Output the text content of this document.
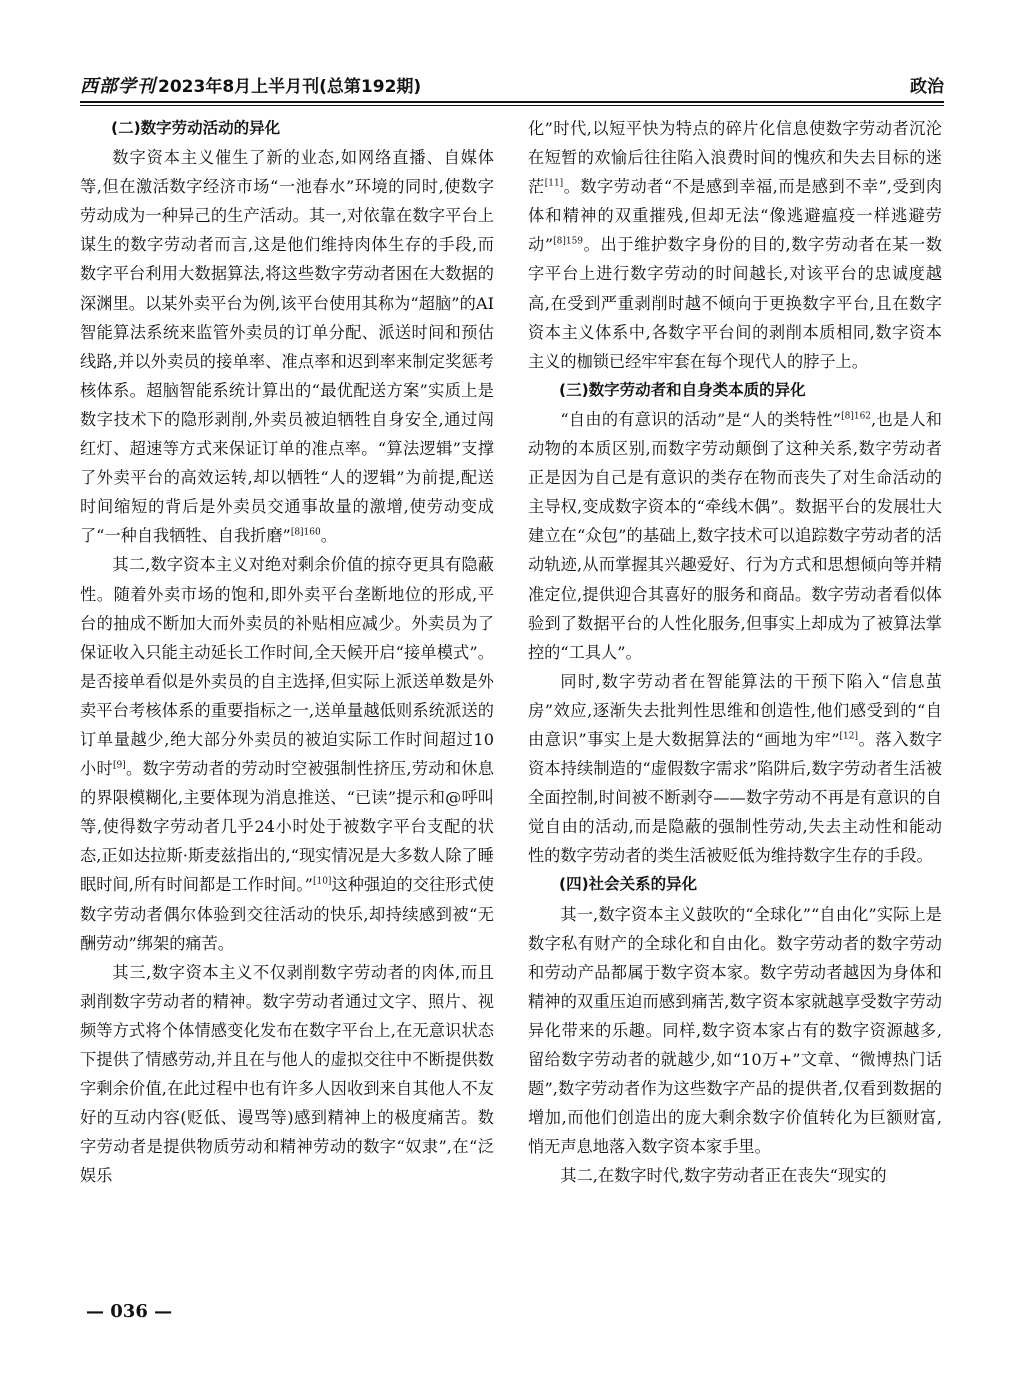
西部学刊 2023年8月上半月刊(总第192期)	政治
(二)数字劳动活动的异化

数字资本主义催生了新的业态,如网络直播、自媒体等,但在激活数字经济市场“一池春水”环境的同时,使数字劳动成为一种异己的生产活动。其一,对依靠在数字平台上谋生的数字劳动者而言,这是他们维持肉体生存的手段,而数字平台利用大数据算法,将这些数字劳动者困在大数据的深渊里。以某外卖平台为例,该平台使用其称为“超脑”的AI智能算法系统来监管外卖员的订单分配、派送时间和预估线路,并以外卖员的接单率、准点率和迟到率来制定奖惩考核体系。超脑智能系统计算出的“最优配送方案”实质上是数字技术下的隐形剥削,外卖员被迫牺牲自身安全,通过闯红灯、超速等方式来保证订单的准点率。“算法逻辑”支撑了外卖平台的高效运转,却以牺牲“人的逻辑”为前提,配送时间缩短的背后是外卖员交通事故量的激增,使劳动变成了“一种自我牺牲、自我折磨”$^{[8]160}$。

其二,数字资本主义对绝对剩余价值的掠夺更具有隐蔽性。随着外卖市场的饱和,即外卖平台垄断地位的形成,平台的抽成不断加大而外卖员的补贴相应减少。外卖员为了保证收入只能主动延长工作时间,全天候开启“接单模式”。是否接单看似是外卖员的自主选择,但实际上派送单数是外卖平台考核体系的重要指标之一,送单量越低则系统派送的订单量越少,绝大部分外卖员的被迫实际工作时间超过10小时[9]。数字劳动者的劳动时空被强制性挤压,劳动和休息的界限模糊化,主要体现为消息推送、“已读”提示和@呼叫等,使得数字劳动者几乎24小时处于被数字平台支配的状态,正如达拉斯·斯麦兹指出的,“现实情况是大多数人除了睡眠时间,所有时间都是工作时间。”[10]这种强迫的交往形式使数字劳动者偶尔体验到交往活动的快乐,却持续感到被“无酬劳动”绑架的痛苦。

其三,数字资本主义不仅剥削数字劳动者的肉体,而且剥削数字劳动者的精神。数字劳动者通过文字、照片、视频等方式将个体情感变化发布在数字平台上,在无意识状态下提供了情感劳动,并且在与他人的虚拟交往中不断提供数字剩余价值,在此过程中也有许多人因收到来自其他人不友好的互动内容(贬低、谩骂等)感到精神上的极度痛苦。数字劳动者是提供物质劳动和精神劳动的数字“奴隶”,在“泛娱乐

化”时代,以短平快为特点的碎片化信息使数字劳动者沉沦在短暂的欢愉后往往陷入浪费时间的愧疚和失去目标的迷茫[11]。数字劳动者“不是感到幸福,而是感到不幸”,受到肉体和精神的双重摧残,但却无法“像逃避瘟疫一样逃避劳动”$^{[8]159}$。出于维护数字身份的目的,数字劳动者在某一数字平台上进行数字劳动的时间越长,对该平台的忠诚度越高,在受到严重剥削时越不倾向于更换数字平台,且在数字资本主义体系中,各数字平台间的剥削本质相同,数字资本主义的枷锁已经牢牢套在每个现代人的脖子上。

(三)数字劳动者和自身类本质的异化

“自由的有意识的活动”是“人的类特性”$^{[8]162}$,也是人和动物的本质区别,而数字劳动颠倒了这种关系,数字劳动者正是因为自己是有意识的类存在物而丧失了对生命活动的主导权,变成数字资本的“牵线木偶”。数据平台的发展壮大建立在“众包”的基础上,数字技术可以追踪数字劳动者的活动轨迹,从而掌握其兴趣爱好、行为方式和思想倾向等并精准定位,提供迎合其喜好的服务和商品。数字劳动者看似体验到了数据平台的人性化服务,但事实上却成为了被算法掌控的“工具人”。

同时,数字劳动者在智能算法的干预下陷入“信息茧房”效应,逐渐失去批判性思维和创造性,他们感受到的“自由意识”事实上是大数据算法的“画地为牢”[12]。落入数字资本持续制造的“虚假数字需求”陷阱后,数字劳动者生活被全面控制,时间被不断剥夺——数字劳动不再是有意识的自觉自由的活动,而是隐蔽的强制性劳动,失去主动性和能动性的数字劳动者的类生活被贬低为维持数字生存的手段。

(四)社会关系的异化

其一,数字资本主义鼓吹的“全球化”“自由化”实际上是数字私有财产的全球化和自由化。数字劳动者的数字劳动和劳动产品都属于数字资本家。数字劳动者越因为身体和精神的双重压迫而感到痛苦,数字资本家就越享受数字劳动异化带来的乐趣。同样,数字资本家占有的数字资源越多,留给数字劳动者的就越少,如“10万+”文章、“微博热门话题”,数字劳动者作为这些数字产品的提供者,仅看到数据的增加,而他们创造出的庞大剩余数字价值转化为巨额财富,悄无声息地落入数字资本家手里。

其二,在数字时代,数字劳动者正在丧失“现实的

— 036 —
